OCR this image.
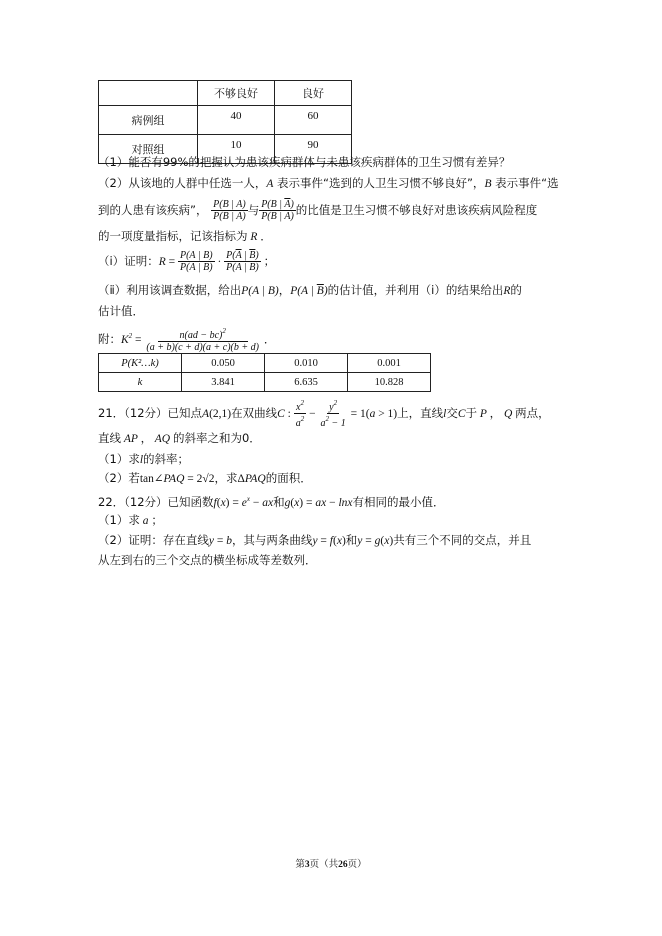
	不够良好	良好
病例组	40	60
对照组	10	90
（1）能否有99%的把握认为患该疾病群体与未患该疾病群体的卫生习惯有差异？
（2）从该地的人群中任选一人，A 表示事件“选到的人卫生习惯不够良好”，B 表示事件“选
到的人患有该疾病”， $\frac{P(B | A)}{P(\overline{B} | A)}$ 与 $\frac{P(B | \overline{A})}{P(\overline{B} | \overline{A})}$ 的比值是卫生习惯不够良好对患该疾病风险程度
的一项度量指标，记该指标为 R ．
（ⅰ）证明：$R = \frac{P(A | B)}{P(\overline{A} | B)} \cdot \frac{P(\overline{A} | \overline{B})}{P(A | \overline{B})}$ ；
（ⅱ）利用该调查数据，给出P(A | B)，P(A | $\overline{B}$)的估计值，并利用（ⅰ）的结果给出R的
估计值．
附：$K^2 = \frac{n(ad - bc)^2}{(a + b)(c + d)(a + c)(b + d)}$ ．
P(K²…k)	0.050	0.010	0.001
k	3.841	6.635	10.828
21．（12分）已知点A(2,1)在双曲线C : $\frac{x^2}{a^2} - \frac{y^2}{a^2 - 1} = 1(a > 1)$上，直线l交C于 P ， Q 两点，
直线 AP ， AQ 的斜率之和为0．
（1）求l的斜率；
（2）若tan∠PAQ = 2√2，求ΔPAQ的面积．
22．（12分）已知函数$f(x) = e^x$ − ax和g(x) = ax − lnx有相同的最小值．
（1）求 a ；
（2）证明：存在直线y = b，其与两条曲线y = f(x)和y = g(x)共有三个不同的交点，并且
从左到右的三个交点的横坐标成等差数列．
第3页（共26页）
